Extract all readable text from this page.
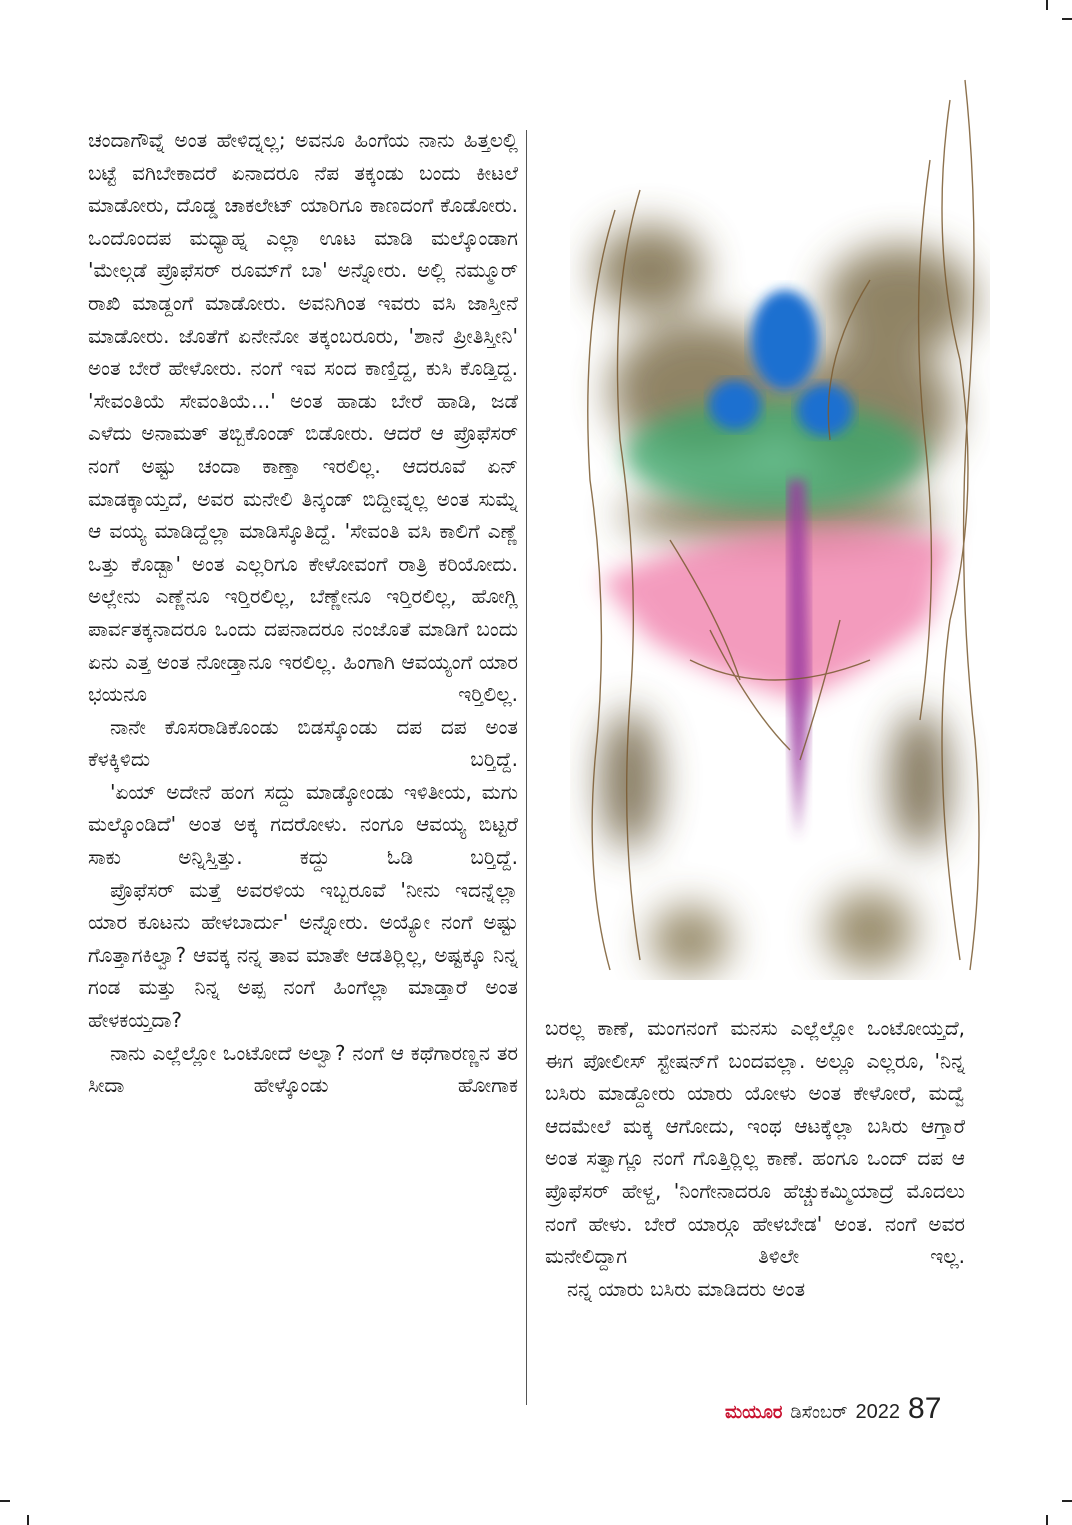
ಚಂದಾಗೌವ್ನೆ ಅಂತ ಹೇಳಿದ್ನಲ್ಲ; ಅವನೂ ಹಿಂಗೆಯ ನಾನು ಹಿತ್ತಲಲ್ಲಿ ಬಟ್ಟೆ ವಗಿಬೇಕಾದರೆ ಏನಾದರೂ ನೆಪ ತಕ್ಕಂಡು ಬಂದು ಕೀಟಲೆ ಮಾಡೋರು, ದೊಡ್ಡ ಚಾಕಲೇಟ್ ಯಾರಿಗೂ ಕಾಣದಂಗೆ ಕೊಡೋರು. ಒಂದೊಂದಪ ಮಧ್ಯಾಹ್ನ ಎಲ್ಲಾ ಊಟ ಮಾಡಿ ಮಲ್ಕೊಂಡಾಗ 'ಮೇಲ್ಗಡೆ ಪ್ರೊಫೆಸರ್ ರೂಮ್‌ಗೆ ಬಾ' ಅನ್ನೋರು. ಅಲ್ಲಿ ನಮ್ಮೂರ್ ರಾಖಿ ಮಾಡ್ದಂಗೆ ಮಾಡೋರು. ಅವನಿಗಿಂತ ಇವರು ವಸಿ ಜಾಸ್ತೀನೆ ಮಾಡೋರು. ಜೊತೆಗೆ ಏನೇನೋ ತಕ್ಕಂಬರೂರು, 'ಶಾನೆ ಪ್ರೀತಿಸ್ತೀನಿ' ಅಂತ ಬೇರೆ ಹೇಳೋರು. ನಂಗೆ ಇವ ಸಂದ ಕಾಣ್ತಿದ್ದ, ಕುಸಿ ಕೊಡ್ತಿದ್ದ. 'ಸೇವಂತಿಯೆ ಸೇವಂತಿಯೆ...' ಅಂತ ಹಾಡು ಬೇರೆ ಹಾಡಿ, ಜಡೆ ಎಳೆದು ಅನಾಮತ್ ತಬ್ಬಿಕೊಂಡ್ ಬಿಡೋರು. ಆದರೆ ಆ ಪ್ರೊಫೆಸರ್ ನಂಗೆ ಅಷ್ಟು ಚಂದಾ ಕಾಣ್ತಾ ಇರಲಿಲ್ಲ. ಆದರೂವೆ ಏನ್ ಮಾಡಕ್ಕಾಯ್ತದೆ, ಅವರ ಮನೇಲಿ ತಿನ್ಕಂಡ್ ಬಿದ್ದೀವ್ನಲ್ಲ ಅಂತ ಸುಮ್ನೆ ಆ ವಯ್ಯ ಮಾಡಿದ್ದೆಲ್ಲಾ ಮಾಡಿಸ್ಕೊತಿದ್ದೆ. 'ಸೇವಂತಿ ವಸಿ ಕಾಲಿಗೆ ಎಣ್ಣೆ ಒತ್ತು ಕೊಡ್ಬಾ' ಅಂತ ಎಲ್ಲರಿಗೂ ಕೇಳೋವಂಗೆ ರಾತ್ರಿ ಕರಿಯೋದು. ಅಲ್ಲೇನು ಎಣ್ಣೆನೂ ಇರ್‍ತಿರಲಿಲ್ಲ, ಬೆಣ್ಣೇನೂ ಇರ್‍ತಿರಲಿಲ್ಲ, ಹೋಗ್ಲಿ ಪಾರ್ವತಕ್ಕನಾದರೂ ಒಂದು ದಪನಾದರೂ ನಂಜೊತೆ ಮಾಡಿಗೆ ಬಂದು ಏನು ಎತ್ತ ಅಂತ ನೋಡ್ತಾನೂ ಇರಲಿಲ್ಲ. ಹಿಂಗಾಗಿ ಆವಯ್ಯಂಗೆ ಯಾರ ಭಯನೂ ಇರ್‍ತಿಲಿಲ್ಲ.

ನಾನೇ ಕೊಸರಾಡಿಕೊಂಡು ಬಿಡಸ್ಕೊಂಡು ದಪ ದಪ ಅಂತ ಕೆಳಕ್ಕಿಳಿದು ಬರ್‍ತಿದ್ದೆ.

'ಏಯ್ ಅದೇನೆ ಹಂಗ ಸದ್ದು ಮಾಡ್ಕೋಂಡು ಇಳಿತೀಯ, ಮಗು ಮಲ್ಕೊಂಡಿದೆ' ಅಂತ ಅಕ್ಕ ಗದರೋಳು. ನಂಗೂ ಆವಯ್ಯ ಬಿಟ್ಟರೆ ಸಾಕು ಅನ್ನಿಸ್ತಿತ್ತು. ಕದ್ದು ಓಡಿ ಬರ್‍ತಿದ್ದೆ.

ಪ್ರೊಫೆಸರ್ ಮತ್ತೆ ಅವರಳಿಯ ಇಬ್ಬರೂವೆ 'ನೀನು ಇದನ್ನೆಲ್ಲಾ ಯಾರ ಕೂಟನು ಹೇಳಬಾರ್ದು' ಅನ್ನೋರು. ಅಯ್ಯೋ ನಂಗೆ ಅಷ್ಟು ಗೊತ್ತಾಗಕಿಲ್ವಾ? ಆವಕ್ಕ ನನ್ನ ತಾವ ಮಾತೇ ಆಡತಿರ್‍ಲಿಲ್ಲ, ಅಷ್ಟಕ್ಕೂ ನಿನ್ನ ಗಂಡ ಮತ್ತು ನಿನ್ನ ಅಪ್ಪ ನಂಗೆ ಹಿಂಗೆಲ್ಲಾ ಮಾಡ್ತಾರೆ ಅಂತ ಹೇಳಕಯ್ತದಾ?

ನಾನು ಎಲ್ಲೆಲ್ಲೋ ಒಂಟೋದೆ ಅಲ್ವಾ? ನಂಗೆ ಆ ಕಥೆಗಾರಣ್ಣನ ತರ ಸೀದಾ ಹೇಳ್ಕೊಂಡು ಹೋಗಾಕ

ಬರಲ್ಲ ಕಾಣೆ, ಮಂಗನಂಗೆ ಮನಸು ಎಲ್ಲೆಲ್ಲೋ ಒಂಟೋಯ್ತದೆ, ಈಗ ಪೋಲೀಸ್ ಸ್ಟೇಷನ್‌ಗೆ ಬಂದವಲ್ಲಾ. ಅಲ್ಲೂ ಎಲ್ಲರೂ, 'ನಿನ್ನ ಬಸಿರು ಮಾಡ್ದೋರು ಯಾರು ಯೋಳು ಅಂತ ಕೇಳೋರೆ, ಮದ್ವೆ ಆದಮೇಲೆ ಮಕ್ಕ ಆಗೋದು, ಇಂಥ ಆಟಕ್ಕೆಲ್ಲಾ ಬಸಿರು ಆಗ್ತಾರೆ ಅಂತ ಸತ್ವಾಗ್ಲೂ ನಂಗೆ ಗೊತ್ತಿರ್‍ಲಿಲ್ಲ ಕಾಣೆ. ಹಂಗೂ ಒಂದ್ ದಪ ಆ ಪ್ರೊಫೆಸರ್ ಹೇಳ್ದ, 'ನಿಂಗೇನಾದರೂ ಹೆಚ್ಚುಕಮ್ಮಿಯಾದ್ರೆ ಮೊದಲು ನಂಗೆ ಹೇಳು. ಬೇರೆ ಯಾರ್‍ಗೂ ಹೇಳಬೇಡ' ಅಂತ. ನಂಗೆ ಅವರ ಮನೇಲಿದ್ದಾಗ ತಿಳಿಲೇ ಇಲ್ಲ.

ನನ್ನ ಯಾರು ಬಸಿರು ಮಾಡಿದರು ಅಂತ

ಮಯೂರ ಡಿಸೆಂಬರ್ 2022 87
